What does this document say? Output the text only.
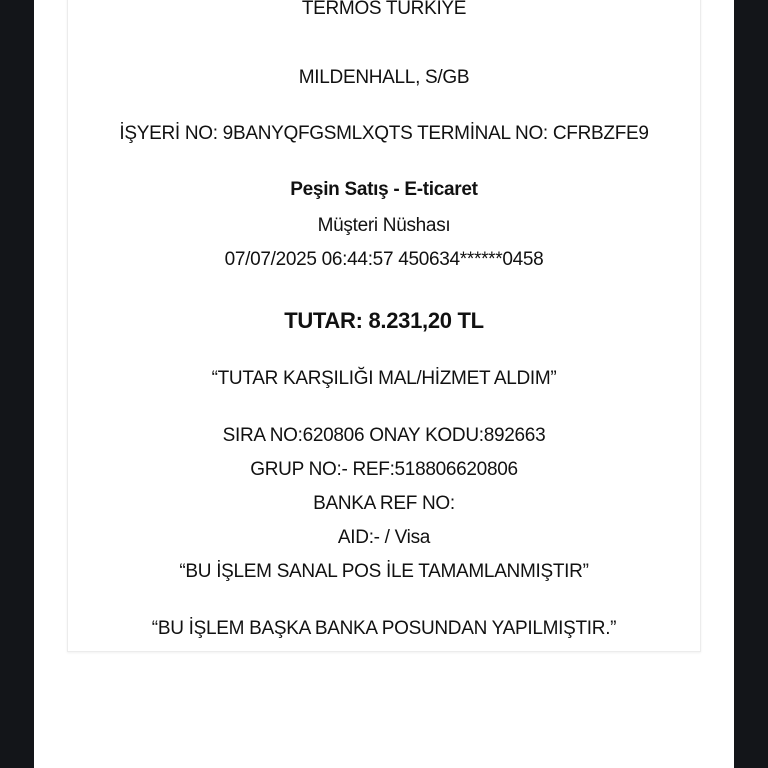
TERMOS TURKIYE
MILDENHALL, S/GB
İŞYERİ NO: 9BANYQFGSMLXQTS TERMİNAL NO: CFRBZFE9
Peşin Satış - E-ticaret
Müşteri Nüshası
07/07/2025 06:44:57 450634******0458
TUTAR: 8.231,20 TL
“TUTAR KARŞILIĞI MAL/HİZMET ALDIM”
SIRA NO:620806 ONAY KODU:892663
GRUP NO:- REF:518806620806
BANKA REF NO:
AID:- / Visa
“BU İŞLEM SANAL POS İLE TAMAMLANMIŞTIR”
“BU İŞLEM BAŞKA BANKA POSUNDAN YAPILMIŞTIR.”
